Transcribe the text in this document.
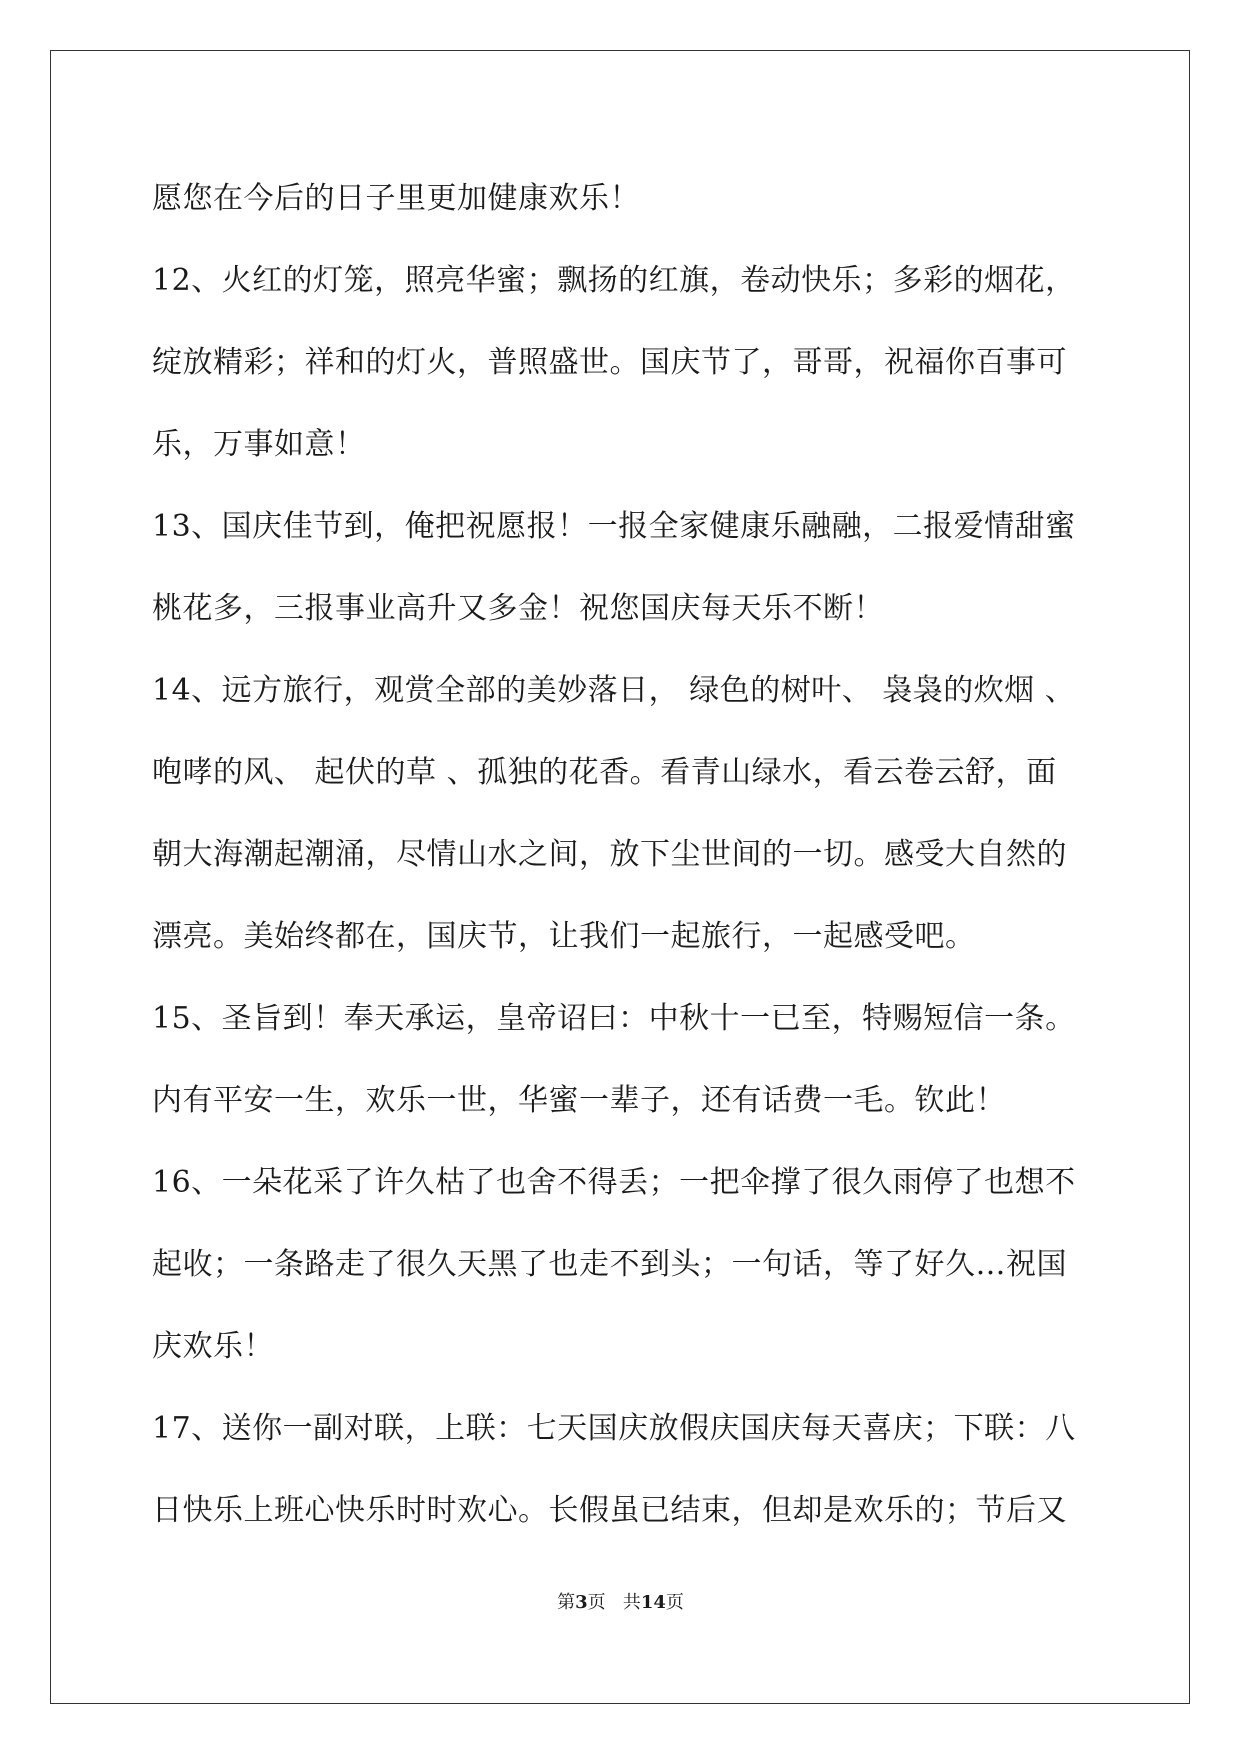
愿您在今后的日子里更加健康欢乐！
12、火红的灯笼，照亮华蜜；飘扬的红旗，卷动快乐；多彩的烟花，
绽放精彩；祥和的灯火，普照盛世。国庆节了，哥哥，祝福你百事可
乐，万事如意！
13、国庆佳节到，俺把祝愿报！一报全家健康乐融融，二报爱情甜蜜
桃花多，三报事业高升又多金！祝您国庆每天乐不断！
14、远方旅行，观赏全部的美妙落日， 绿色的树叶、 袅袅的炊烟 、
咆哮的风、 起伏的草 、孤独的花香。看青山绿水，看云卷云舒，面
朝大海潮起潮涌，尽情山水之间，放下尘世间的一切。感受大自然的
漂亮。美始终都在，国庆节，让我们一起旅行，一起感受吧。
15、圣旨到！奉天承运，皇帝诏曰：中秋十一已至，特赐短信一条。
内有平安一生，欢乐一世，华蜜一辈子，还有话费一毛。钦此！
16、一朵花采了许久枯了也舍不得丢；一把伞撑了很久雨停了也想不
起收；一条路走了很久天黑了也走不到头；一句话，等了好久…祝国
庆欢乐！
17、送你一副对联，上联：七天国庆放假庆国庆每天喜庆；下联：八
日快乐上班心快乐时时欢心。长假虽已结束，但却是欢乐的；节后又
第3页 共14页
